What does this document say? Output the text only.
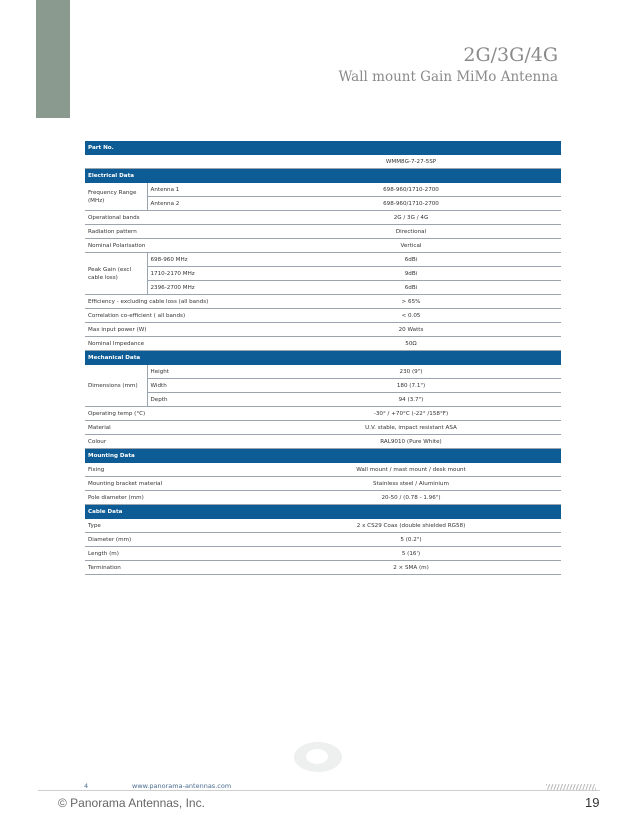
2G/3G/4G
Wall mount Gain MiMo Antenna
Part No.		
		WMM8G-7-27-5SP
Electrical Data		
Frequency Range (MHz)	Antenna 1	698-960/1710-2700
	Antenna 2	698-960/1710-2700
Operational bands		2G / 3G / 4G
Radiation pattern		Directional
Nominal Polarisation		Vertical
Peak Gain (excl cable loss)	698-960 MHz	6dBi
	1710-2170 MHz	9dBi
	2396-2700 MHz	6dBi
Efficiency - excluding cable loss (all bands)		> 65%
Correlation co-efficient ( all bands)		< 0.05
Max input power (W)		20 Watts
Nominal Impedance		50Ω
Mechanical Data		
Dimensions (mm)	Height	230 (9")
	Width	180 (7.1")
	Depth	94 (3.7")
Operating temp (°C)		-30° / +70°C (-22° /158°F)
Material		U.V. stable, impact resistant ASA
Colour		RAL9010 (Pure White)
Mounting Data		
Fixing		Wall mount / mast mount / desk mount
Mounting bracket material		Stainless steel / Aluminium
Pole diameter (mm)		20-50 / (0.78 - 1.96")
Cable Data		
Type		2 x CS29 Coax (double shielded RG58)
Diameter (mm)		5 (0.2")
Length (m)		5 (16')
Termination		2 × SMA (m)
4	www.panorama-antennas.com
© Panorama Antennas, Inc.	19
